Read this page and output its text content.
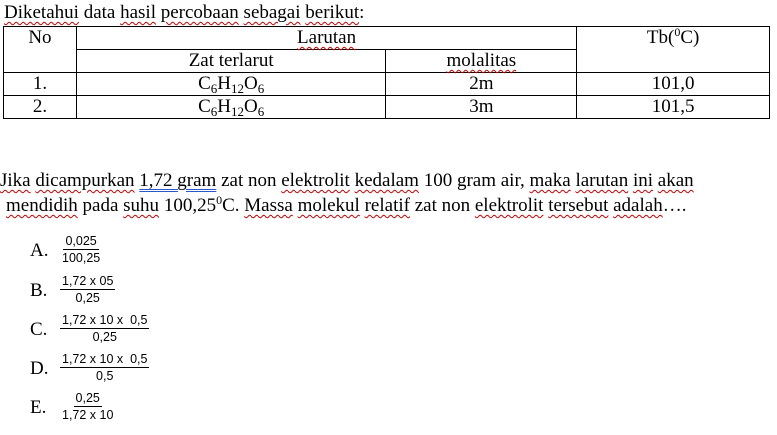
Diketahui data hasil percobaan sebagai berikut:
No	Larutan		Tb($^0$C)
	Zat terlarut	molalitas	
1.	$C_6H_{12}O_6$	2m	101,0
2.	$C_6H_{12}O_6$	3m	101,5
Jika dicampurkan 1,72 gram zat non elektrolit kedalam 100 gram air, maka larutan ini akan
mendidih pada suhu 100,25$^0$C. Massa molekul relatif zat non elektrolit tersebut adalah….
A. $\frac{0,025}{100,25}$
B. $\frac{1,72 x 05}{0,25}$
C. $\frac{1,72 x 10 x 0,5}{0,25}$
D. $\frac{1,72 x 10 x 0,5}{0,5}$
E. $\frac{0,25}{1,72 x 10}$
